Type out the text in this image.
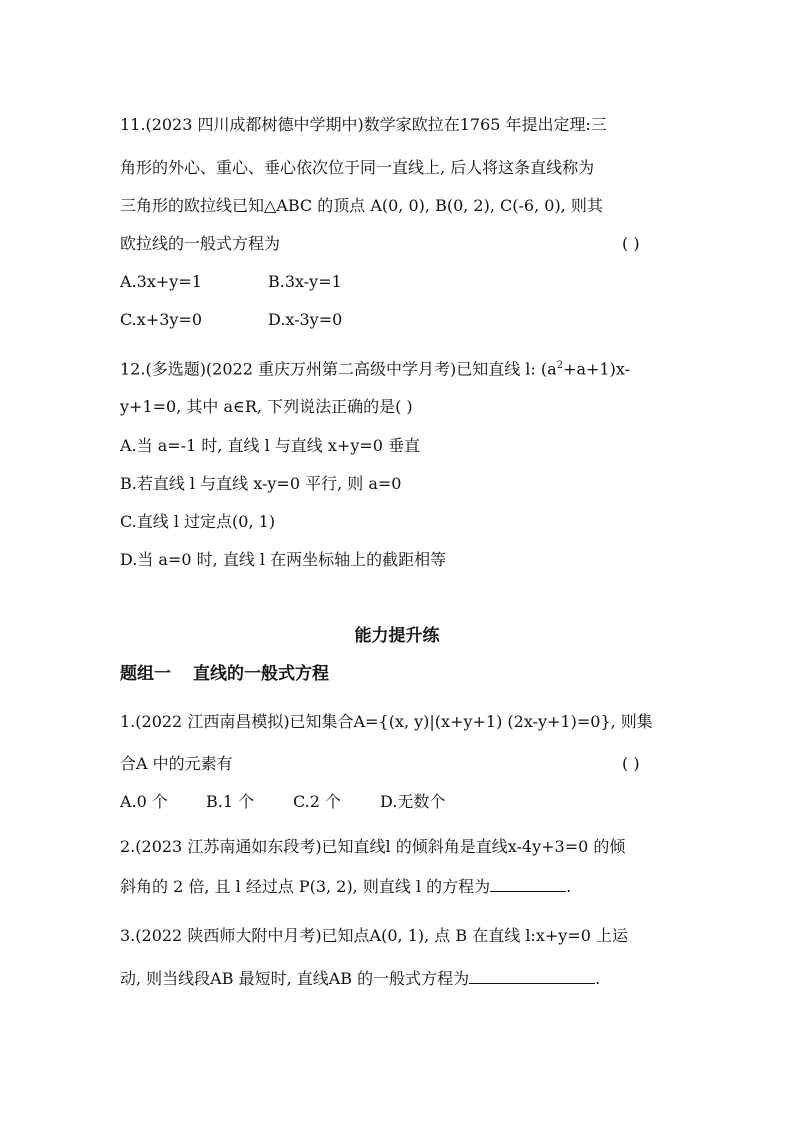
11.(2023 四川成都树德中学期中)数学家欧拉在1765 年提出定理:三
角形的外心、重心、垂心依次位于同一直线上, 后人将这条直线称为
三角形的欧拉线已知△ABC 的顶点 A(0, 0), B(0, 2), C(-6, 0), 则其
欧拉线的一般式方程为	( )
A.3x+y=1	B.3x-y=1
C.x+3y=0	D.x-3y=0
12.(多选题)(2022 重庆万州第二高级中学月考)已知直线 l: $(a^2+a+1)x-$
y+1=0, 其中 a∈R, 下列说法正确的是( )
A.当 a=-1 时, 直线 l 与直线 x+y=0 垂直
B.若直线 l 与直线 x-y=0 平行, 则 a=0
C.直线 l 过定点(0, 1)
D.当 a=0 时, 直线 l 在两坐标轴上的截距相等
能力提升练
题组一 直线的一般式方程
1.(2022 江西南昌模拟)已知集合A={(x, y)|(x+y+1) (2x-y+1)=0}, 则集
合A 中的元素有	( )
A.0 个 B.1 个 C.2 个 D.无数个
2.(2023 江苏南通如东段考)已知直线l 的倾斜角是直线x-4y+3=0 的倾
斜角的 2 倍, 且 l 经过点 P(3, 2), 则直线 l 的方程为	.
3.(2022 陕西师大附中月考)已知点A(0, 1), 点 B 在直线 l:x+y=0 上运
动, 则当线段AB 最短时, 直线AB 的一般式方程为	.
